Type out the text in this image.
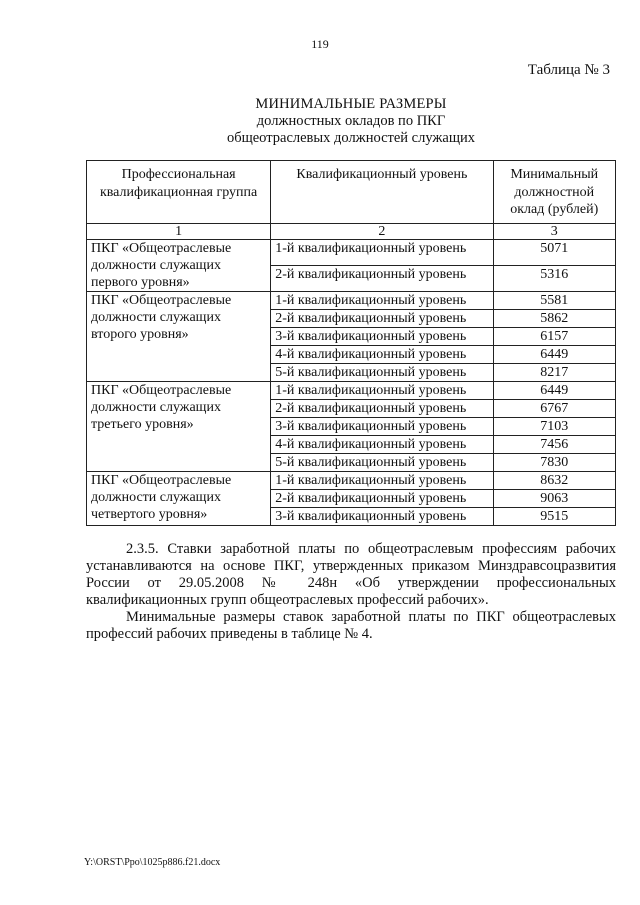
119
Таблица № 3
МИНИМАЛЬНЫЕ РАЗМЕРЫ
должностных окладов по ПКГ
общеотраслевых должностей служащих
Профессиональная квалификационная группа	Квалификационный уровень	Минимальный должностной оклад (рублей)
1	2	3
ПКГ «Общеотраслевые должности служащих первого уровня»	1-й квалификационный уровень	5071
	2-й квалификационный уровень	5316
ПКГ «Общеотраслевые должности служащих второго уровня»	1-й квалификационный уровень	5581
	2-й квалификационный уровень	5862
	3-й квалификационный уровень	6157
	4-й квалификационный уровень	6449
	5-й квалификационный уровень	8217
ПКГ «Общеотраслевые должности служащих третьего уровня»	1-й квалификационный уровень	6449
	2-й квалификационный уровень	6767
	3-й квалификационный уровень	7103
	4-й квалификационный уровень	7456
	5-й квалификационный уровень	7830
ПКГ «Общеотраслевые должности служащих четвертого уровня»	1-й квалификационный уровень	8632
	2-й квалификационный уровень	9063
	3-й квалификационный уровень	9515

2.3.5. Ставки заработной платы по общеотраслевым профессиям рабочих устанавливаются на основе ПКГ, утвержденных приказом Минздравсоцразвития России от 29.05.2008 № 248н «Об утверждении профессиональных квалификационных групп общеотраслевых профессий рабочих».

Минимальные размеры ставок заработной платы по ПКГ общеотраслевых профессий рабочих приведены в таблице № 4.

Y:\ORST\Ppo\1025p886.f21.docx
